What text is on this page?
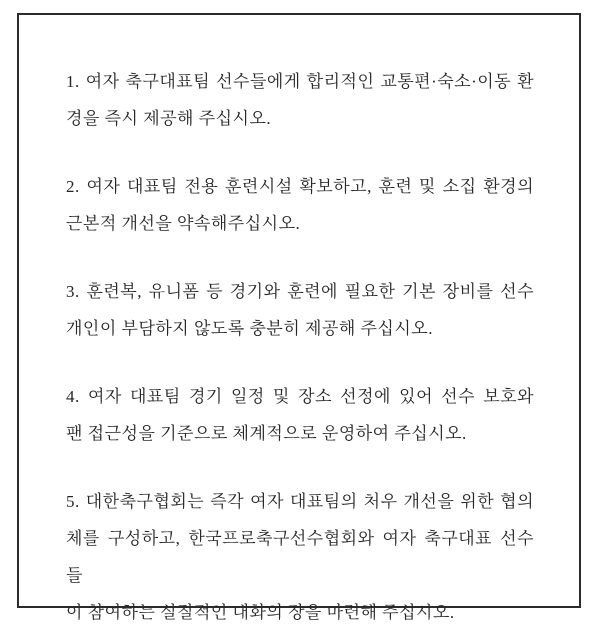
1. 여자 축구대표팀 선수들에게 합리적인 교통편·숙소·이동 환
경을 즉시 제공해 주십시오.
2. 여자 대표팀 전용 훈련시설 확보하고, 훈련 및 소집 환경의
근본적 개선을 약속해주십시오.
3. 훈련복, 유니폼 등 경기와 훈련에 필요한 기본 장비를 선수
개인이 부담하지 않도록 충분히 제공해 주십시오.
4. 여자 대표팀 경기 일정 및 장소 선정에 있어 선수 보호와
팬 접근성을 기준으로 체계적으로 운영하여 주십시오.
5. 대한축구협회는 즉각 여자 대표팀의 처우 개선을 위한 협의
체를 구성하고, 한국프로축구선수협회와 여자 축구대표 선수들
이 참여하는 실질적인 대화의 장을 마련해 주십시오.
